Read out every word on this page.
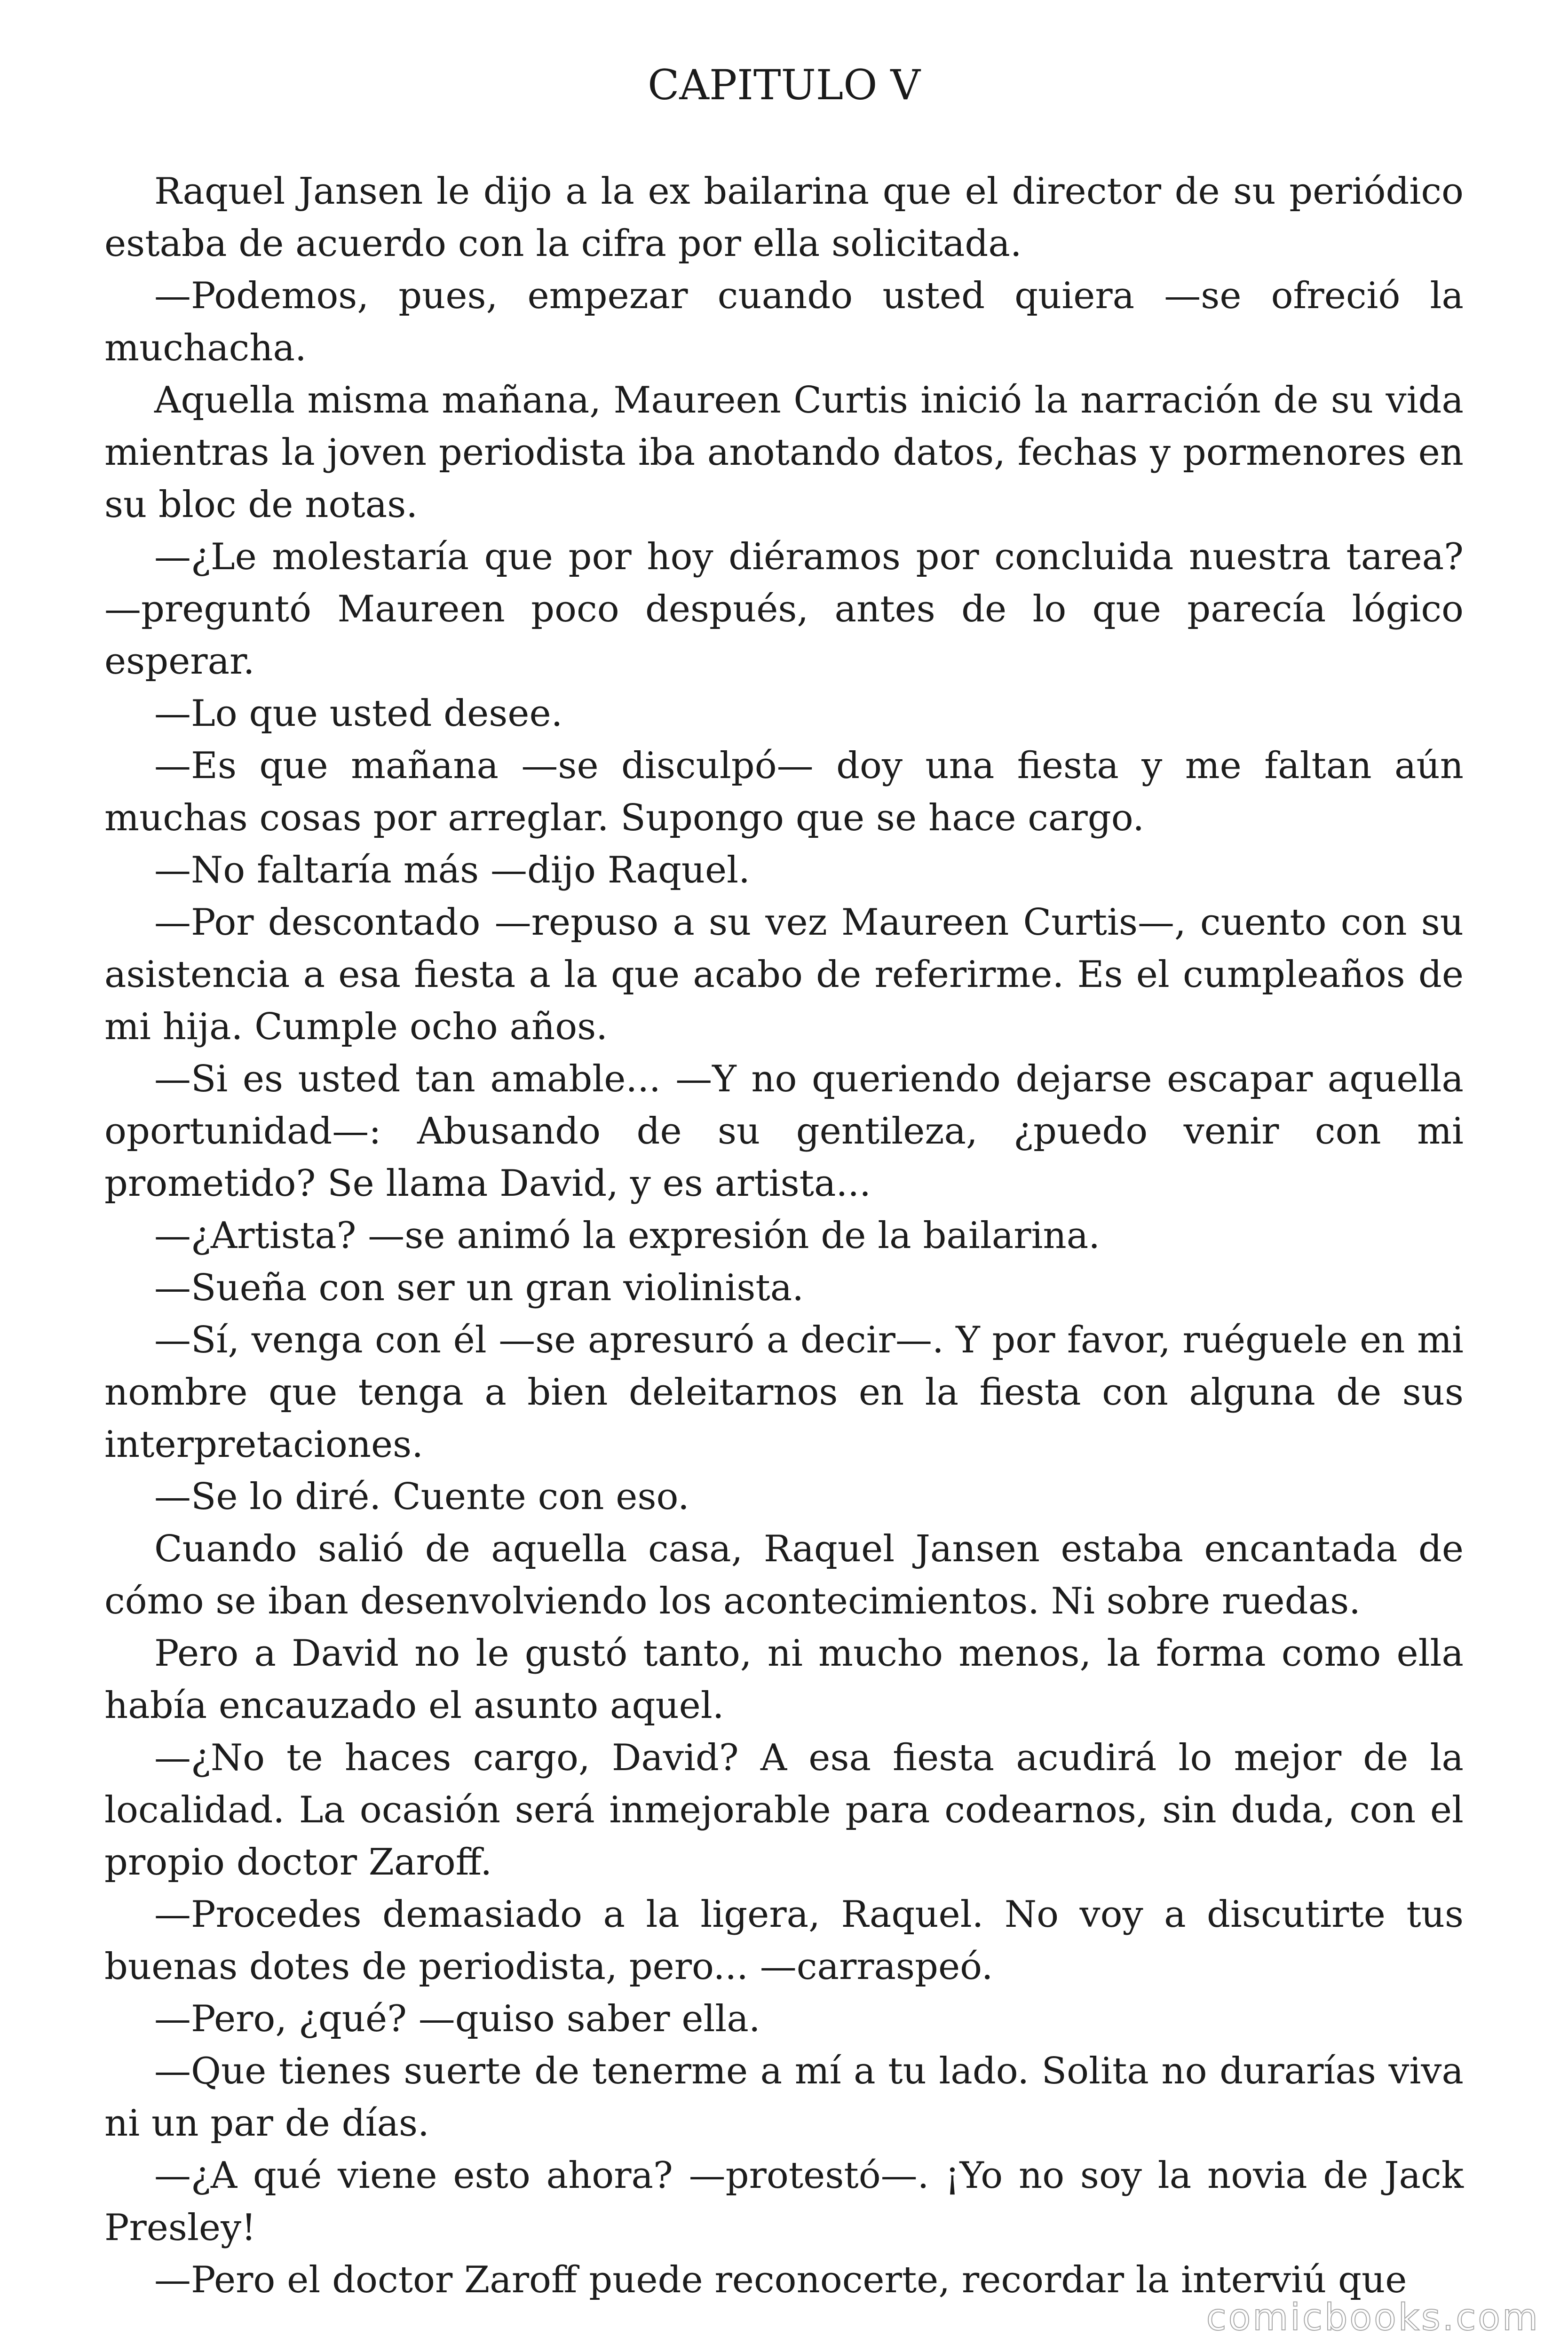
CAPITULO V

Raquel Jansen le dijo a la ex bailarina que el director de su periódico estaba de acuerdo con la cifra por ella solicitada.

—Podemos, pues, empezar cuando usted quiera —se ofreció la muchacha.

Aquella misma mañana, Maureen Curtis inició la narración de su vida mientras la joven periodista iba anotando datos, fechas y pormenores en su bloc de notas.

—¿Le molestaría que por hoy diéramos por concluida nuestra tarea? —preguntó Maureen poco después, antes de lo que parecía lógico esperar.

—Lo que usted desee.

—Es que mañana —se disculpó— doy una fiesta y me faltan aún muchas cosas por arreglar. Supongo que se hace cargo.

—No faltaría más —dijo Raquel.

—Por descontado —repuso a su vez Maureen Curtis—, cuento con su asistencia a esa fiesta a la que acabo de referirme. Es el cumpleaños de mi hija. Cumple ocho años.

—Si es usted tan amable... —Y no queriendo dejarse escapar aquella oportunidad—: Abusando de su gentileza, ¿puedo venir con mi prometido? Se llama David, y es artista...

—¿Artista? —se animó la expresión de la bailarina.

—Sueña con ser un gran violinista.

—Sí, venga con él —se apresuró a decir—. Y por favor, ruéguele en mi nombre que tenga a bien deleitarnos en la fiesta con alguna de sus interpretaciones.

—Se lo diré. Cuente con eso.

Cuando salió de aquella casa, Raquel Jansen estaba encantada de cómo se iban desenvolviendo los acontecimientos. Ni sobre ruedas.

Pero a David no le gustó tanto, ni mucho menos, la forma como ella había encauzado el asunto aquel.

—¿No te haces cargo, David? A esa fiesta acudirá lo mejor de la localidad. La ocasión será inmejorable para codearnos, sin duda, con el propio doctor Zaroff.

—Procedes demasiado a la ligera, Raquel. No voy a discutirte tus buenas dotes de periodista, pero... —carraspeó.

—Pero, ¿qué? —quiso saber ella.

—Que tienes suerte de tenerme a mí a tu lado. Solita no durarías viva ni un par de días.

—¿A qué viene esto ahora? —protestó—. ¡Yo no soy la novia de Jack Presley!

—Pero el doctor Zaroff puede reconocerte, recordar la interviú que

comicbooks.com
